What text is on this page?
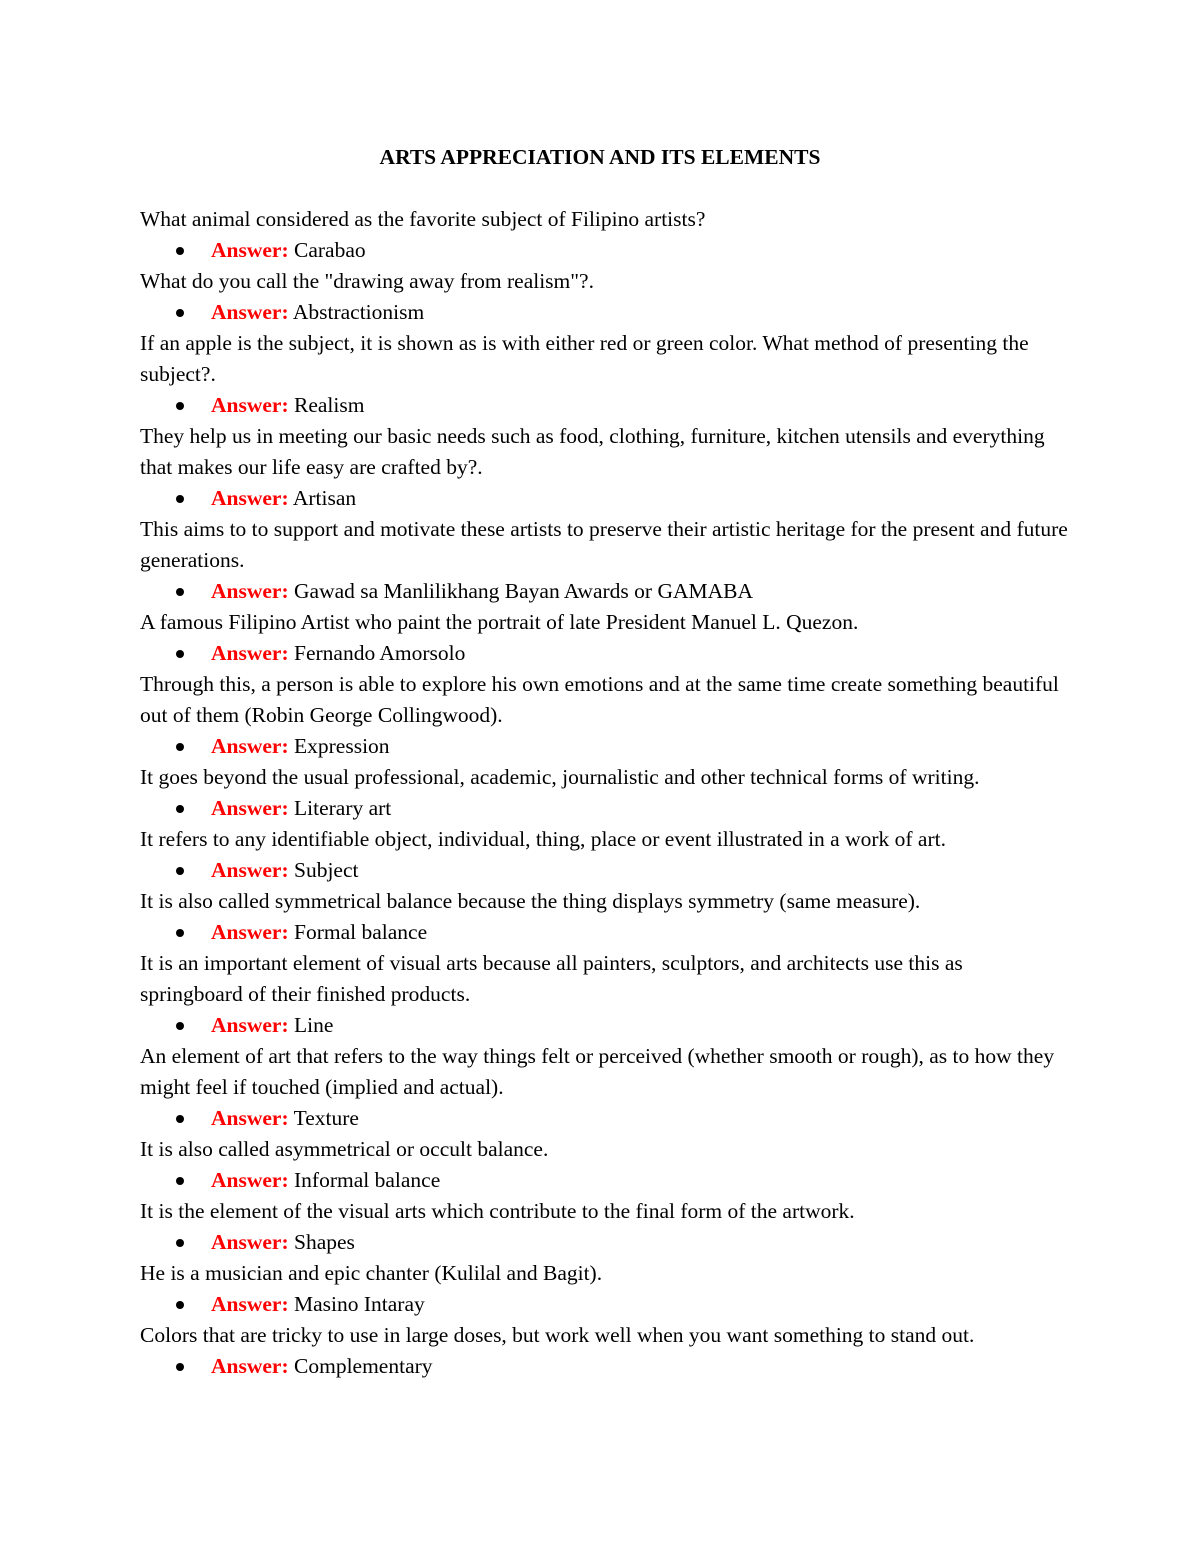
ARTS APPRECIATION AND ITS ELEMENTS

What animal considered as the favorite subject of Filipino artists?

Answer: Carabao

What do you call the "drawing away from realism"?.

Answer: Abstractionism

If an apple is the subject, it is shown as is with either red or green color. What method of presenting the subject?.

Answer: Realism

They help us in meeting our basic needs such as food, clothing, furniture, kitchen utensils and everything that makes our life easy are crafted by?.

Answer: Artisan

This aims to to support and motivate these artists to preserve their artistic heritage for the present and future generations.

Answer: Gawad sa Manlilikhang Bayan Awards or GAMABA

A famous Filipino Artist who paint the portrait of late President Manuel L. Quezon.

Answer: Fernando Amorsolo

Through this, a person is able to explore his own emotions and at the same time create something beautiful out of them (Robin George Collingwood).

Answer: Expression

It goes beyond the usual professional, academic, journalistic and other technical forms of writing.

Answer: Literary art

It refers to any identifiable object, individual, thing, place or event illustrated in a work of art.

Answer: Subject

It is also called symmetrical balance because the thing displays symmetry (same measure).

Answer: Formal balance

It is an important element of visual arts because all painters, sculptors, and architects use this as springboard of their finished products.

Answer: Line

An element of art that refers to the way things felt or perceived (whether smooth or rough), as to how they might feel if touched (implied and actual).

Answer: Texture

It is also called asymmetrical or occult balance.

Answer: Informal balance

It is the element of the visual arts which contribute to the final form of the artwork.

Answer: Shapes

He is a musician and epic chanter (Kulilal and Bagit).

Answer: Masino Intaray

Colors that are tricky to use in large doses, but work well when you want something to stand out.

Answer: Complementary
